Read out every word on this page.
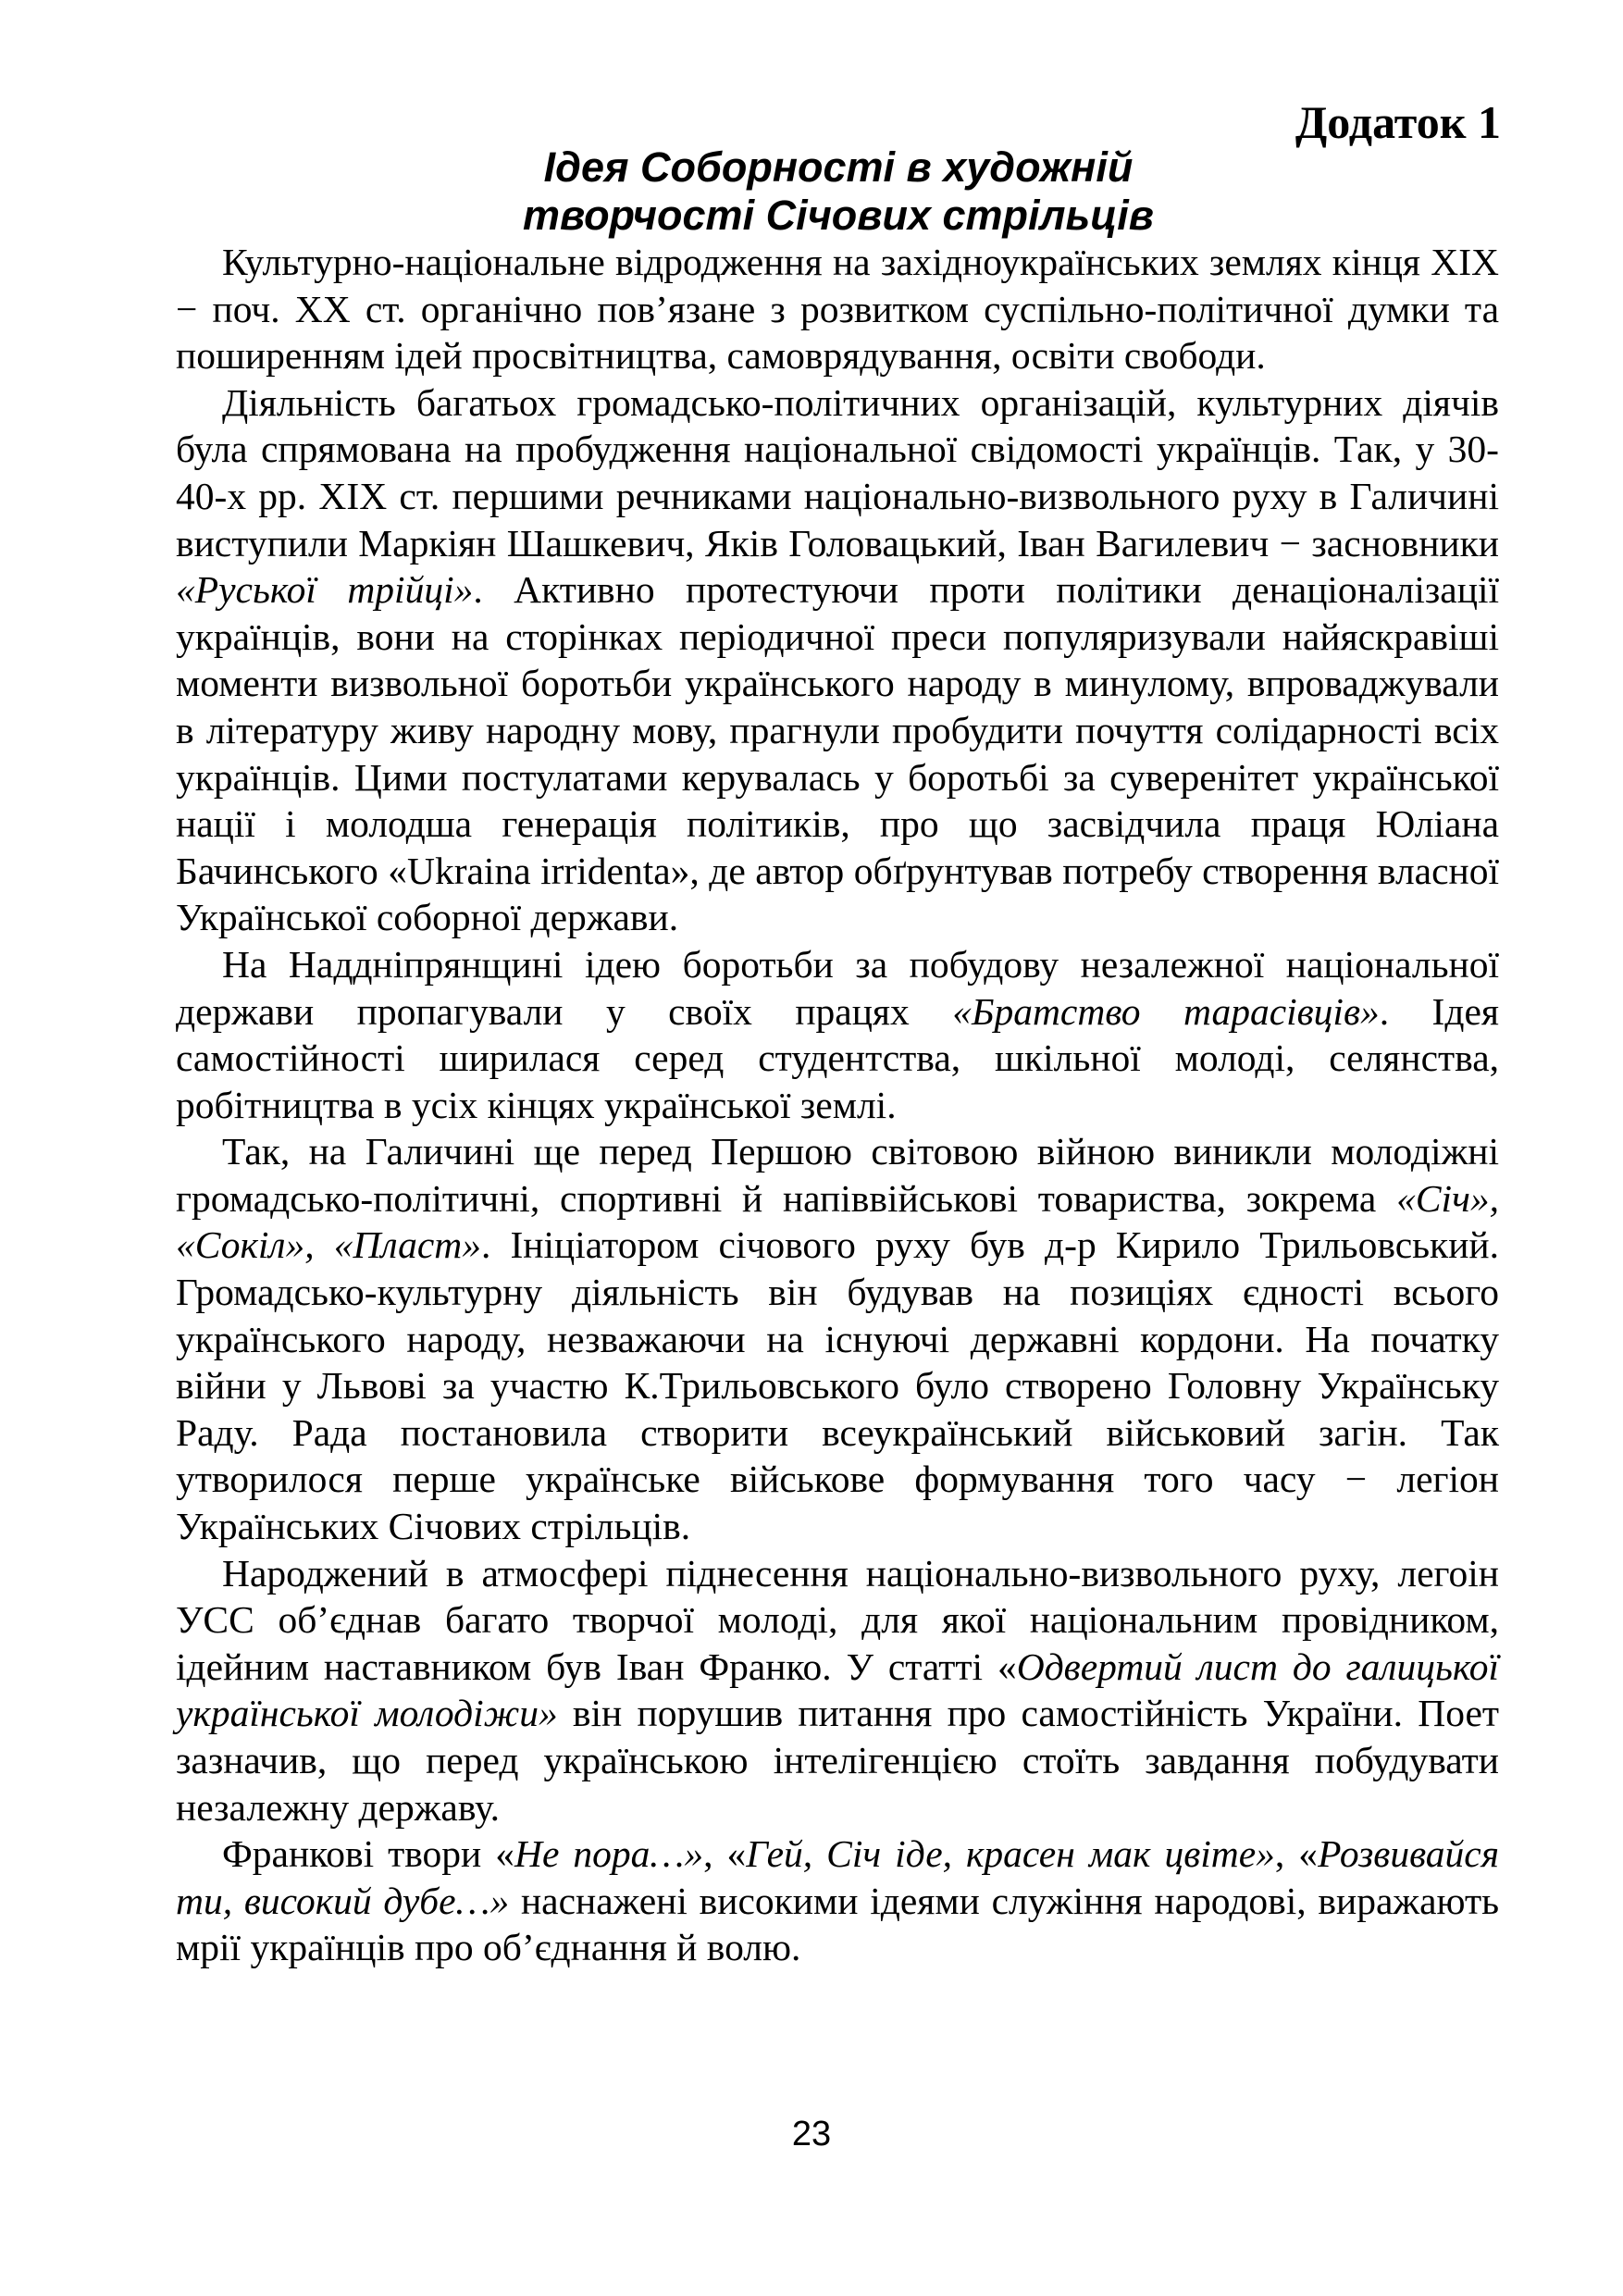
Додаток 1

Ідея Соборності в художній
творчості Січових стрільців

Культурно-національне відродження на західноукраїнських землях кінця XIX − поч. XX ст. органічно пов’язане з розвитком суспільно-політичної думки та поширенням ідей просвітництва, самоврядування, освіти свободи.

Діяльність багатьох громадсько-політичних організацій, культурних діячів була спрямована на пробудження національної свідомості українців. Так, у 30-40-х рр. XIX ст. першими речниками національно-визвольного руху в Галичині виступили Маркіян Шашкевич, Яків Головацький, Іван Вагилевич − засновники «Руської трійці». Активно протестуючи проти політики денаціоналізації українців, вони на сторінках періодичної преси популяризували найяскравіші моменти визвольної боротьби українського народу в минулому, впроваджували в літературу живу народну мову, прагнули пробудити почуття солідарності всіх українців. Цими постулатами керувалась у боротьбі за суверенітет української нації і молодша генерація політиків, про що засвідчила праця Юліана Бачинського «Ukraina irridenta», де автор обґрунтував потребу створення власної Української соборної держави.

На Наддніпрянщині ідею боротьби за побудову незалежної національної держави пропагували у своїх працях «Братство тарасівців». Ідея самостійності ширилася серед студентства, шкільної молоді, селянства, робітництва в усіх кінцях української землі.

Так, на Галичині ще перед Першою світовою війною виникли молодіжні громадсько-політичні, спортивні й напіввійськові товариства, зокрема «Січ», «Сокіл», «Пласт». Ініціатором січового руху був д-р Кирило Трильовський. Громадсько-культурну діяльність він будував на позиціях єдності всього українського народу, незважаючи на існуючі державні кордони. На початку війни у Львові за участю К.Трильовського було створено Головну Українську Раду. Рада постановила створити всеукраїнський військовий загін. Так утворилося перше українське військове формування того часу − легіон Українських Січових стрільців.

Народжений в атмосфері піднесення національно-визвольного руху, легоін УСС об’єднав багато творчої молоді, для якої національним провідником, ідейним наставником був Іван Франко. У статті «Одвертий лист до галицької української молодіжи» він порушив питання про самостійність України. Поет зазначив, що перед українською інтелігенцією стоїть завдання побудувати незалежну державу.

Франкові твори «Не пора…», «Гей, Січ іде, красен мак цвіте», «Розвивайся ти, високий дубе…» наснажені високими ідеями служіння народові, виражають мрії українців про об’єднання й волю.

23
